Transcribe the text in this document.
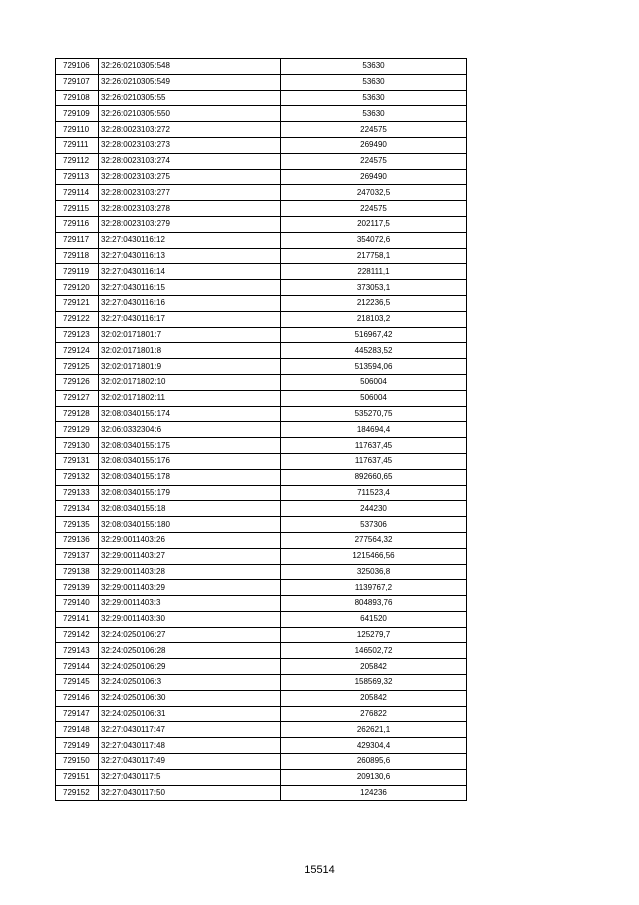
729106	32:26:0210305:548	53630
729107	32:26:0210305:549	53630
729108	32:26:0210305:55	53630
729109	32:26:0210305:550	53630
729110	32:28:0023103:272	224575
729111	32:28:0023103:273	269490
729112	32:28:0023103:274	224575
729113	32:28:0023103:275	269490
729114	32:28:0023103:277	247032,5
729115	32:28:0023103:278	224575
729116	32:28:0023103:279	202117,5
729117	32:27:0430116:12	354072,6
729118	32:27:0430116:13	217758,1
729119	32:27:0430116:14	228111,1
729120	32:27:0430116:15	373053,1
729121	32:27:0430116:16	212236,5
729122	32:27:0430116:17	218103,2
729123	32:02:0171801:7	516967,42
729124	32:02:0171801:8	445283,52
729125	32:02:0171801:9	513594,06
729126	32:02:0171802:10	506004
729127	32:02:0171802:11	506004
729128	32:08:0340155:174	535270,75
729129	32:06:0332304:6	184694,4
729130	32:08:0340155:175	117637,45
729131	32:08:0340155:176	117637,45
729132	32:08:0340155:178	892660,65
729133	32:08:0340155:179	711523,4
729134	32:08:0340155:18	244230
729135	32:08:0340155:180	537306
729136	32:29:0011403:26	277564,32
729137	32:29:0011403:27	1215466,56
729138	32:29:0011403:28	325036,8
729139	32:29:0011403:29	1139767,2
729140	32:29:0011403:3	804893,76
729141	32:29:0011403:30	641520
729142	32:24:0250106:27	125279,7
729143	32:24:0250106:28	146502,72
729144	32:24:0250106:29	205842
729145	32:24:0250106:3	158569,32
729146	32:24:0250106:30	205842
729147	32:24:0250106:31	276822
729148	32:27:0430117:47	262621,1
729149	32:27:0430117:48	429304,4
729150	32:27:0430117:49	260895,6
729151	32:27:0430117:5	209130,6
729152	32:27:0430117:50	124236
15514
